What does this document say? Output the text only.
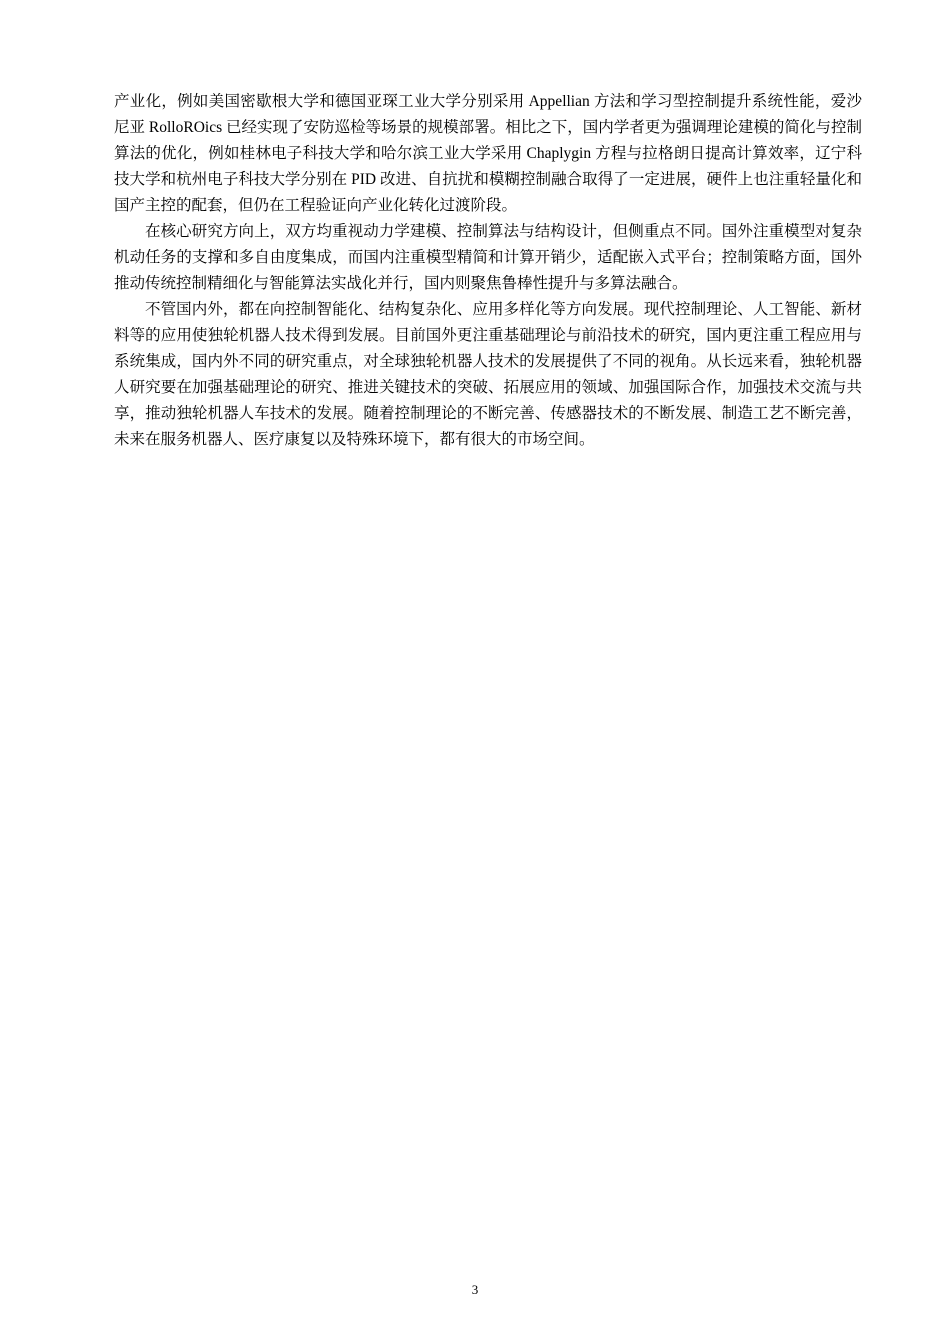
产业化，例如美国密歇根大学和德国亚琛工业大学分别采用 Appellian 方法和学习型控制提升系统性能，爱沙尼亚 RolloROics 已经实现了安防巡检等场景的规模部署。相比之下，国内学者更为强调理论建模的简化与控制算法的优化，例如桂林电子科技大学和哈尔滨工业大学采用 Chaplygin 方程与拉格朗日提高计算效率，辽宁科技大学和杭州电子科技大学分别在 PID 改进、自抗扰和模糊控制融合取得了一定进展，硬件上也注重轻量化和国产主控的配套，但仍在工程验证向产业化转化过渡阶段。

在核心研究方向上，双方均重视动力学建模、控制算法与结构设计，但侧重点不同。国外注重模型对复杂机动任务的支撑和多自由度集成，而国内注重模型精简和计算开销少，适配嵌入式平台；控制策略方面，国外推动传统控制精细化与智能算法实战化并行，国内则聚焦鲁棒性提升与多算法融合。

不管国内外，都在向控制智能化、结构复杂化、应用多样化等方向发展。现代控制理论、人工智能、新材料等的应用使独轮机器人技术得到发展。目前国外更注重基础理论与前沿技术的研究，国内更注重工程应用与系统集成，国内外不同的研究重点，对全球独轮机器人技术的发展提供了不同的视角。从长远来看，独轮机器人研究要在加强基础理论的研究、推进关键技术的突破、拓展应用的领域、加强国际合作，加强技术交流与共享，推动独轮机器人车技术的发展。随着控制理论的不断完善、传感器技术的不断发展、制造工艺不断完善，未来在服务机器人、医疗康复以及特殊环境下，都有很大的市场空间。

3
